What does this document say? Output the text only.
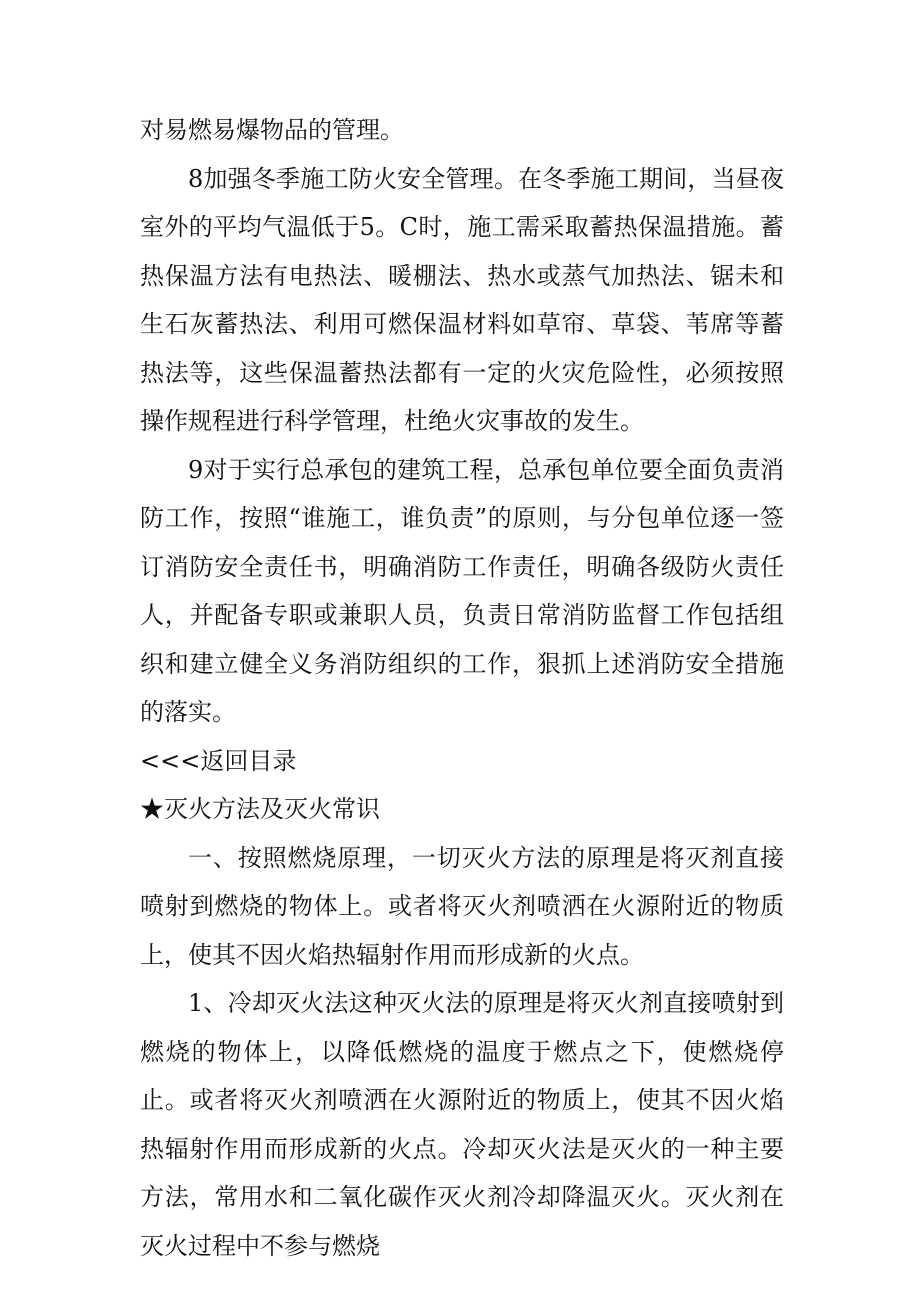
对易燃易爆物品的管理。

8加强冬季施工防火安全管理。在冬季施工期间，当昼夜室外的平均气温低于5。C时，施工需采取蓄热保温措施。蓄热保温方法有电热法、暖棚法、热水或蒸气加热法、锯未和生石灰蓄热法、利用可燃保温材料如草帘、草袋、苇席等蓄热法等，这些保温蓄热法都有一定的火灾危险性，必须按照操作规程进行科学管理，杜绝火灾事故的发生。

9对于实行总承包的建筑工程，总承包单位要全面负责消防工作，按照“谁施工，谁负责”的原则，与分包单位逐一签订消防安全责任书，明确消防工作责任，明确各级防火责任人，并配备专职或兼职人员，负责日常消防监督工作包括组织和建立健全义务消防组织的工作，狠抓上述消防安全措施的落实。

<<<返回目录

★灭火方法及灭火常识

一、按照燃烧原理，一切灭火方法的原理是将灭剂直接喷射到燃烧的物体上。或者将灭火剂喷洒在火源附近的物质上，使其不因火焰热辐射作用而形成新的火点。

1、冷却灭火法这种灭火法的原理是将灭火剂直接喷射到燃烧的物体上，以降低燃烧的温度于燃点之下，使燃烧停止。或者将灭火剂喷洒在火源附近的物质上，使其不因火焰热辐射作用而形成新的火点。冷却灭火法是灭火的一种主要方法，常用水和二氧化碳作灭火剂冷却降温灭火。灭火剂在灭火过程中不参与燃烧
